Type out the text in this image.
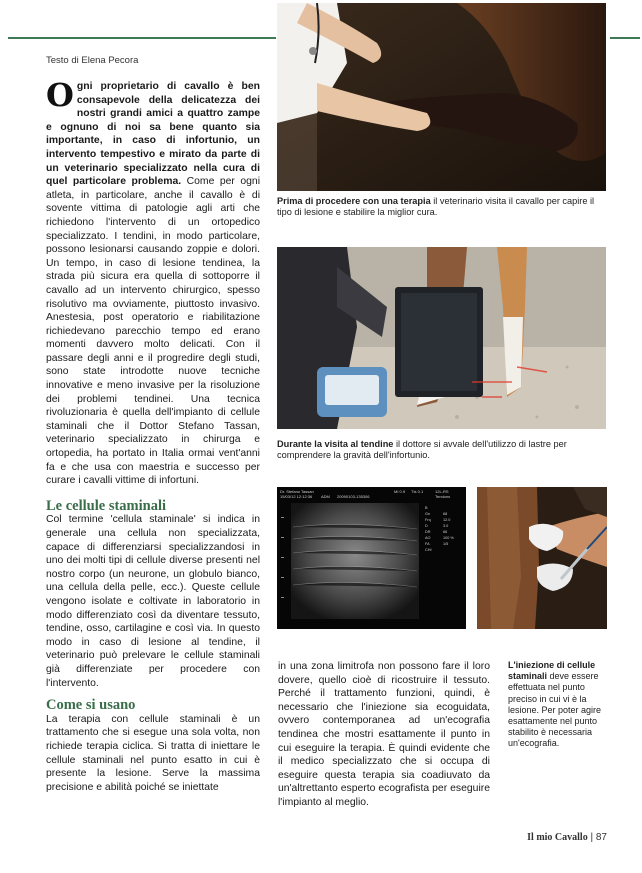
Testo di Elena Pecora

Ogni proprietario di cavallo è ben consapevole della delicatezza dei nostri grandi amici a quattro zampe e ognuno di noi sa bene quanto sia importante, in caso di infortunio, un intervento tempestivo e mirato da parte di un veterinario specializzato nella cura di quel particolare problema. Come per ogni atleta, in particolare, anche il cavallo è di sovente vittima di patologie agli arti che richiedono l'intervento di un ortopedico specializzato. I tendini, in modo particolare, possono lesionarsi causando zoppie e dolori. Un tempo, in caso di lesione tendinea, la strada più sicura era quella di sottoporre il cavallo ad un intervento chirurgico, spesso risolutivo ma ovviamente, piuttosto invasivo. Anestesia, post operatorio e riabilitazione richiedevano parecchio tempo ed erano momenti davvero molto delicati. Con il passare degli anni e il progredire degli studi, sono state introdotte nuove tecniche innovative e meno invasive per la risoluzione dei problemi tendinei. Una tecnica rivoluzionaria è quella dell'impianto di cellule staminali che il Dottor Stefano Tassan, veterinario specializzato in chirurga e ortopedia, ha portato in Italia ormai vent'anni fa e che usa con maestria e successo per curare i cavalli vittime di infortuni.

Le cellule staminali

Col termine 'cellula staminale' si indica in generale una cellula non specializzata, capace di differenziarsi specializzandosi in uno dei molti tipi di cellule diverse presenti nel nostro corpo (un neurone, un globulo bianco, una cellula della pelle, ecc.). Queste cellule vengono isolate e coltivate in laboratorio in modo differenziato così da diventare tessuto, tendine, osso, cartilagine e così via. In questo modo in caso di lesione al tendine, il veterinario può prelevare le cellule staminali già differenziate per procedere con l'intervento.

Come si usano

La terapia con cellule staminali è un trattamento che si esegue una sola volta, non richiede terapia ciclica. Si tratta di iniettare le cellule staminali nel punto esatto in cui è presente la lesione. Serve la massima precisione e abilità poiché se iniettate

in una zona limitrofa non possono fare il loro dovere, quello cioè di ricostruire il tessuto. Perché il trattamento funzioni, quindi, è necessario che l'iniezione sia ecoguidata, ovvero contemporanea ad un'ecografia tendinea che mostri esattamente il punto in cui eseguire la terapia. È quindi evidente che il medico specializzato che si occupa di eseguire questa terapia sia coadiuvato da un'altrettanto esperto ecografista per eseguire l'impianto al meglio.

Prima di procedere con una terapia il veterinario visita il cavallo per capire il tipo di lesione e stabilire la miglior cura.
Durante la visita al tendine il dottore si avvale dell'utilizzo di lastre per comprendere la gravità dell'infortunio.
Dr. Stefano Tassan
15/03/12 12:12:36 ADM 20090103-135306
MI 0.9 TIs 0.1	12L-RS
Tendons
B
Gn
Frq
D
DR
AO
FA
CHI
68
12.0
3.0
66
100 %
1/5
L'iniezione di cellule staminali deve essere effettuata nel punto preciso in cui vi è la lesione. Per poter agire esattamente nel punto stabilito è necessaria un'ecografia.
Il mio Cavallo | 87
